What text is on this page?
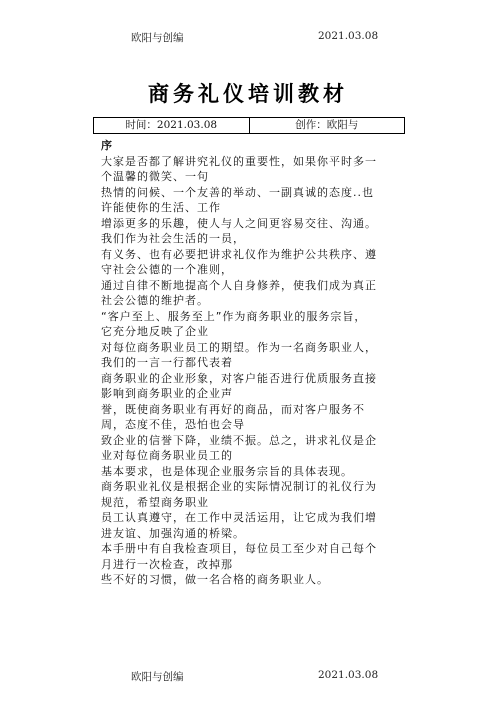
欧阳与创编	2021.03.08
商务礼仪培训教材
时间：2021.03.08	创作：欧阳与

序

大家是否都了解讲究礼仪的重要性，如果你平时多一

个温馨的微笑、一句

热情的问候、一个友善的举动、一副真诚的态度..也

许能使你的生活、工作

增添更多的乐趣，使人与人之间更容易交往、沟通。

我们作为社会生活的一员，

有义务、也有必要把讲求礼仪作为维护公共秩序、遵

守社会公德的一个准则，

通过自律不断地提高个人自身修养，使我们成为真正

社会公德的维护者。

“客户至上、服务至上”作为商务职业的服务宗旨，

它充分地反映了企业

对每位商务职业员工的期望。作为一名商务职业人，

我们的一言一行都代表着

商务职业的企业形象，对客户能否进行优质服务直接

影响到商务职业的企业声

誉，既使商务职业有再好的商品，而对客户服务不

周，态度不佳，恐怕也会导

致企业的信誉下降，业绩不振。总之，讲求礼仪是企

业对每位商务职业员工的

基本要求，也是体现企业服务宗旨的具体表现。

商务职业礼仪是根据企业的实际情况制订的礼仪行为

规范，希望商务职业

员工认真遵守，在工作中灵活运用，让它成为我们增

进友谊、加强沟通的桥梁。

本手册中有自我检查项目，每位员工至少对自己每个

月进行一次检查，改掉那

些不好的习惯，做一名合格的商务职业人。

欧阳与创编	2021.03.08
